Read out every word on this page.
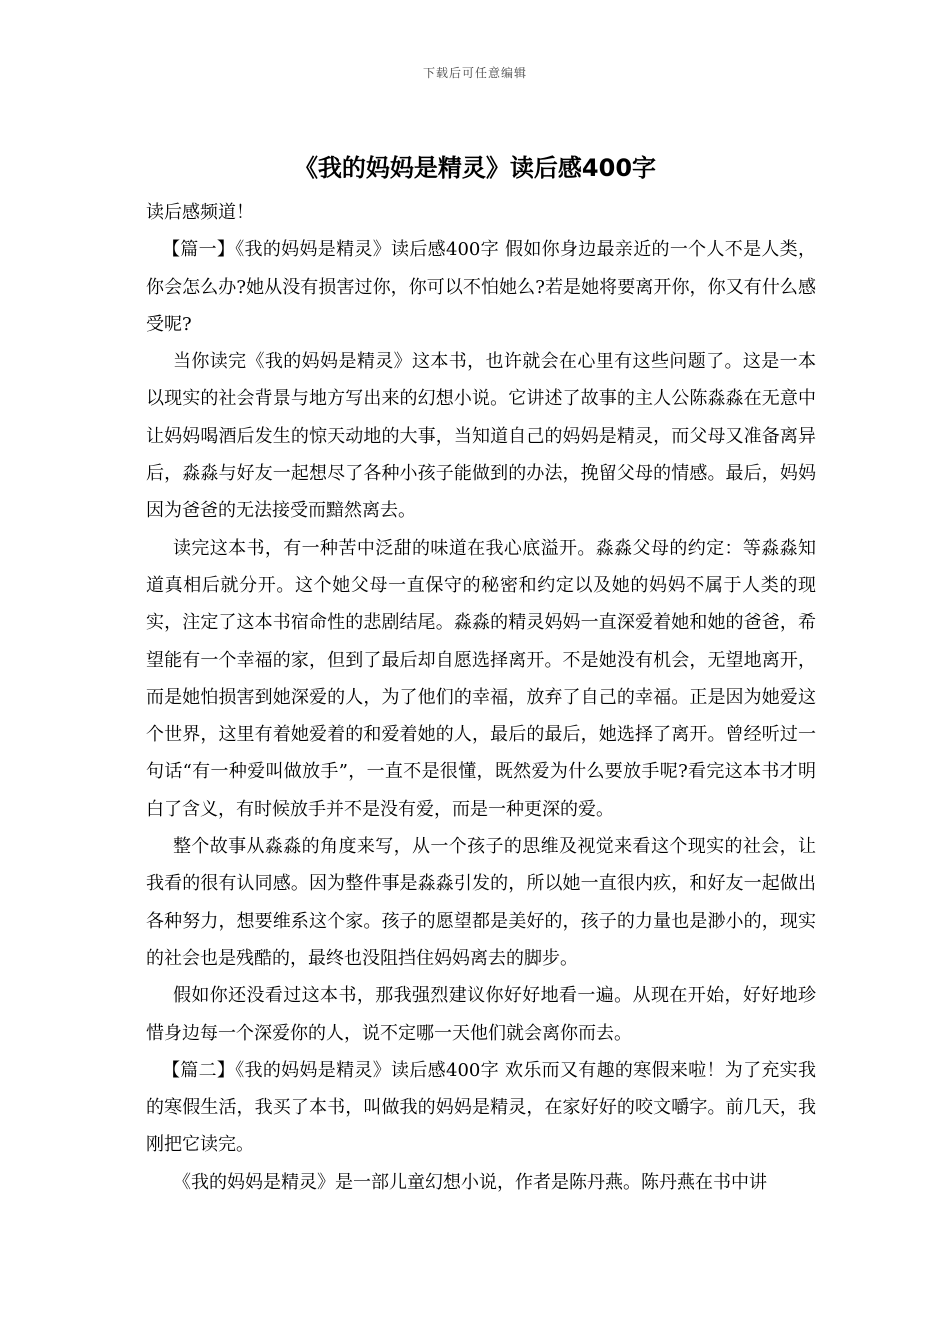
下载后可任意编辑
《我的妈妈是精灵》读后感400字

读后感频道！

【篇一】《我的妈妈是精灵》读后感400字 假如你身边最亲近的一个人不是人类，你会怎么办?她从没有损害过你，你可以不怕她么?若是她将要离开你，你又有什么感受呢?

当你读完《我的妈妈是精灵》这本书，也许就会在心里有这些问题了。这是一本以现实的社会背景与地方写出来的幻想小说。它讲述了故事的主人公陈淼淼在无意中让妈妈喝酒后发生的惊天动地的大事，当知道自己的妈妈是精灵，而父母又准备离异后，淼淼与好友一起想尽了各种小孩子能做到的办法，挽留父母的情感。最后，妈妈因为爸爸的无法接受而黯然离去。

读完这本书，有一种苦中泛甜的味道在我心底溢开。淼淼父母的约定：等淼淼知道真相后就分开。这个她父母一直保守的秘密和约定以及她的妈妈不属于人类的现实，注定了这本书宿命性的悲剧结尾。淼淼的精灵妈妈一直深爱着她和她的爸爸，希望能有一个幸福的家，但到了最后却自愿选择离开。不是她没有机会，无望地离开，而是她怕损害到她深爱的人，为了他们的幸福，放弃了自己的幸福。正是因为她爱这个世界，这里有着她爱着的和爱着她的人，最后的最后，她选择了离开。曾经听过一句话“有一种爱叫做放手”，一直不是很懂，既然爱为什么要放手呢?看完这本书才明白了含义，有时候放手并不是没有爱，而是一种更深的爱。

整个故事从淼淼的角度来写，从一个孩子的思维及视觉来看这个现实的社会，让我看的很有认同感。因为整件事是淼淼引发的，所以她一直很内疚，和好友一起做出各种努力，想要维系这个家。孩子的愿望都是美好的，孩子的力量也是渺小的，现实的社会也是残酷的，最终也没阻挡住妈妈离去的脚步。

假如你还没看过这本书，那我强烈建议你好好地看一遍。从现在开始，好好地珍惜身边每一个深爱你的人，说不定哪一天他们就会离你而去。

【篇二】《我的妈妈是精灵》读后感400字 欢乐而又有趣的寒假来啦！为了充实我的寒假生活，我买了本书，叫做我的妈妈是精灵，在家好好的咬文嚼字。前几天，我刚把它读完。

《我的妈妈是精灵》是一部儿童幻想小说，作者是陈丹燕。陈丹燕在书中讲
